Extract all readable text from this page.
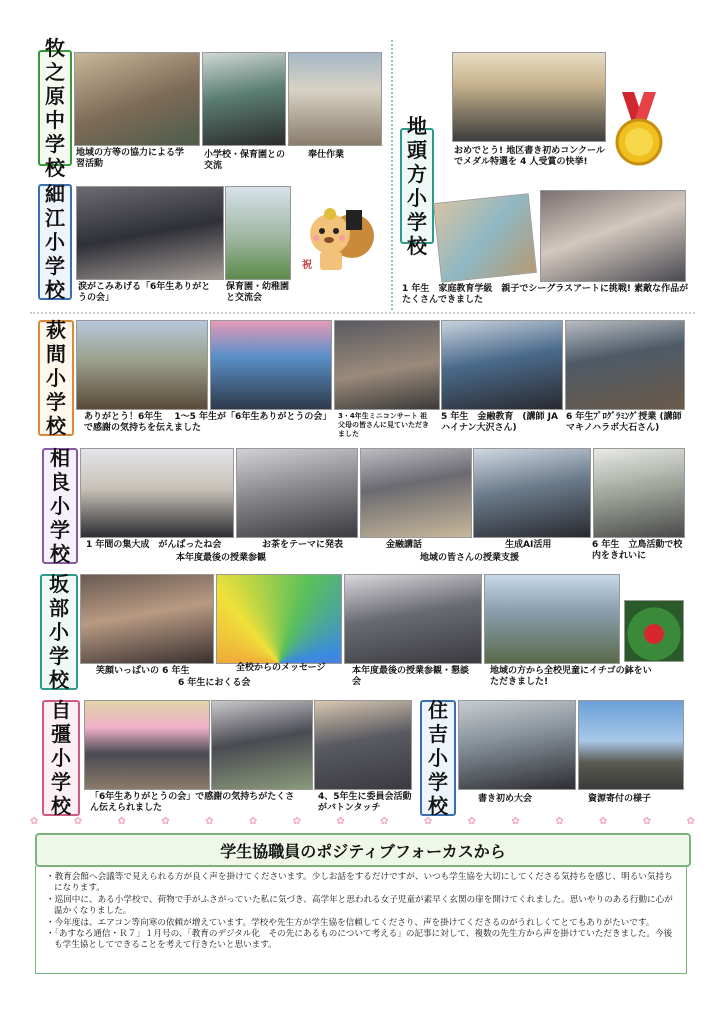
牧之原中学校
地域の方等の協力による学習活動
小学校・保育園との交流
奉仕作業
細江小学校 涙がこみあげる「6年生ありがとうの会」
保育園・幼稚園と交流会
祝
地頭方小学校
おめでとう! 地区書き初めコンクールでメダル特選を 4 人受賞の快挙!
1 年生　家庭教育学級　親子でシーグラスアートに挑戦! 素敵な作品がたくさんできました
萩間小学校 ありがとう！6年生　 1～5 年生が「6年生ありがとうの会」で感謝の気持ちを伝えました
3・4年生ミニコンサート 祖父母の皆さんに見ていただきました
5 年生　金融教育　(講師 JA ハイナン大沢さん)
6 年生ﾌﾟﾛｸﾞﾗﾐﾝｸﾞ授業 (講師　マキノハラボ大石さん)
相良小学校 1 年間の集大成　がんばったね会	お茶をテーマに発表
本年度最後の授業参観
金融講話	生成AI活用
地域の皆さんの授業支援
6 年生　立鳥活動で校内をきれいに
坂部小学校	笑顔いっぱいの 6 年生	全校からのメッセージ
6 年生におくる会
本年度最後の授業参観・懇談会
地域の方から全校児童にイチゴの鉢をいただきました!
自彊小学校 「6年生ありがとうの会」で感謝の気持ちがたくさん伝えられました
4、5年生に委員会活動がバトンタッチ
住吉小学校	書き初め大会	資源寄付の様子
✿	✿	✿	✿	✿	✿	✿	✿	✿	✿	✿	✿	✿	✿	✿	✿
学生協職員のポジティブフォーカスから

・教育会館へ会議等で見えられる方が良く声を掛けてくださいます。少しお話をするだけですが、いつも学生協を大切にしてくださる気持ちを感じ、明るい気持ちになります。

・巡回中に、ある小学校で、荷物で手がふさがっていた私に気づき、高学年と思われる女子児童が素早く玄関の扉を開けてくれました。思いやりのある行動に心が温かくなりました。

・今年度は、エアコン等向寒の依頼が増えています。学校や先生方が学生協を信頼してくださり、声を掛けてくださるのがうれしくてとてもありがたいです。

・「あすなろ通信・Ｒ７」１月号の、「教育のデジタル化　その先にあるものについて考える」の記事に対して、複数の先生方から声を掛けていただきました。今後も学生協としてできることを考えて行きたいと思います。
